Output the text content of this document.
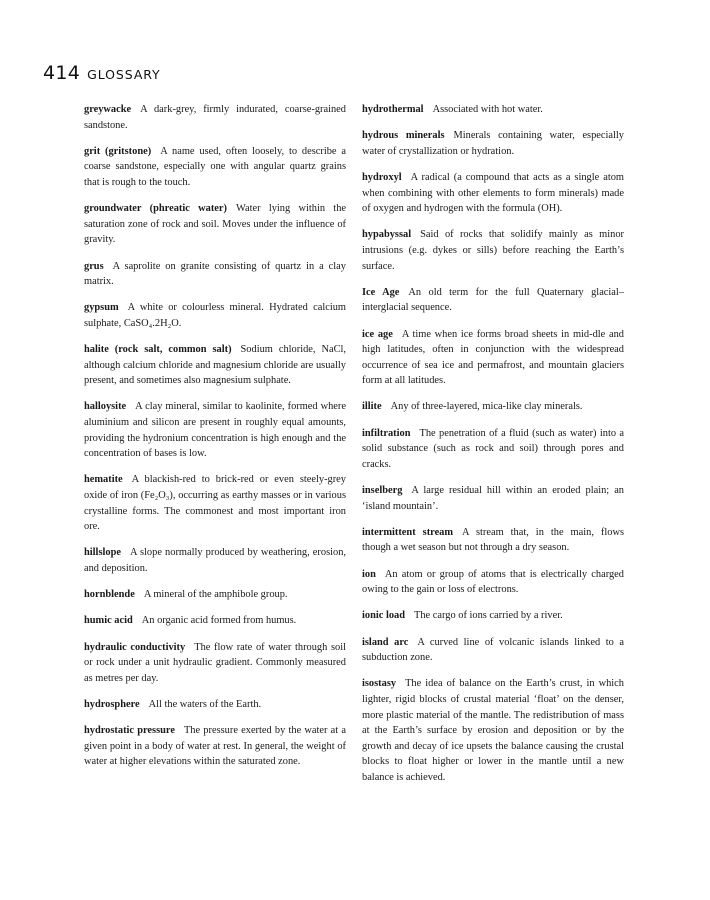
414 GLOSSARY

greywacke A dark-grey, firmly indurated, coarse-grained sandstone.

grit (gritstone) A name used, often loosely, to describe a coarse sandstone, especially one with angular quartz grains that is rough to the touch.

groundwater (phreatic water) Water lying within the saturation zone of rock and soil. Moves under the influence of gravity.

grus A saprolite on granite consisting of quartz in a clay matrix.

gypsum A white or colourless mineral. Hydrated calcium sulphate, CaSO₄.2H₂O.

halite (rock salt, common salt) Sodium chloride, NaCl, although calcium chloride and magnesium chloride are usually present, and sometimes also magnesium sulphate.

halloysite A clay mineral, similar to kaolinite, formed where aluminium and silicon are present in roughly equal amounts, providing the hydronium concentration is high enough and the concentration of bases is low.

hematite A blackish-red to brick-red or even steely-grey oxide of iron (Fe₂O₃), occurring as earthy masses or in various crystalline forms. The commonest and most important iron ore.

hillslope A slope normally produced by weathering, erosion, and deposition.

hornblende A mineral of the amphibole group.

humic acid An organic acid formed from humus.

hydraulic conductivity The flow rate of water through soil or rock under a unit hydraulic gradient. Commonly measured as metres per day.

hydrosphere All the waters of the Earth.

hydrostatic pressure The pressure exerted by the water at a given point in a body of water at rest. In general, the weight of water at higher elevations within the saturated zone.

hydrothermal Associated with hot water.

hydrous minerals Minerals containing water, especially water of crystallization or hydration.

hydroxyl A radical (a compound that acts as a single atom when combining with other elements to form minerals) made of oxygen and hydrogen with the formula (OH).

hypabyssal Said of rocks that solidify mainly as minor intrusions (e.g. dykes or sills) before reaching the Earth’s surface.

Ice Age An old term for the full Quaternary glacial–interglacial sequence.

ice age A time when ice forms broad sheets in mid-dle and high latitudes, often in conjunction with the widespread occurrence of sea ice and permafrost, and mountain glaciers form at all latitudes.

illite Any of three-layered, mica-like clay minerals.

infiltration The penetration of a fluid (such as water) into a solid substance (such as rock and soil) through pores and cracks.

inselberg A large residual hill within an eroded plain; an ‘island mountain’.

intermittent stream A stream that, in the main, flows though a wet season but not through a dry season.

ion An atom or group of atoms that is electrically charged owing to the gain or loss of electrons.

ionic load The cargo of ions carried by a river.

island arc A curved line of volcanic islands linked to a subduction zone.

isostasy The idea of balance on the Earth’s crust, in which lighter, rigid blocks of crustal material ‘float’ on the denser, more plastic material of the mantle. The redistribution of mass at the Earth’s surface by erosion and deposition or by the growth and decay of ice upsets the balance causing the crustal blocks to float higher or lower in the mantle until a new balance is achieved.
